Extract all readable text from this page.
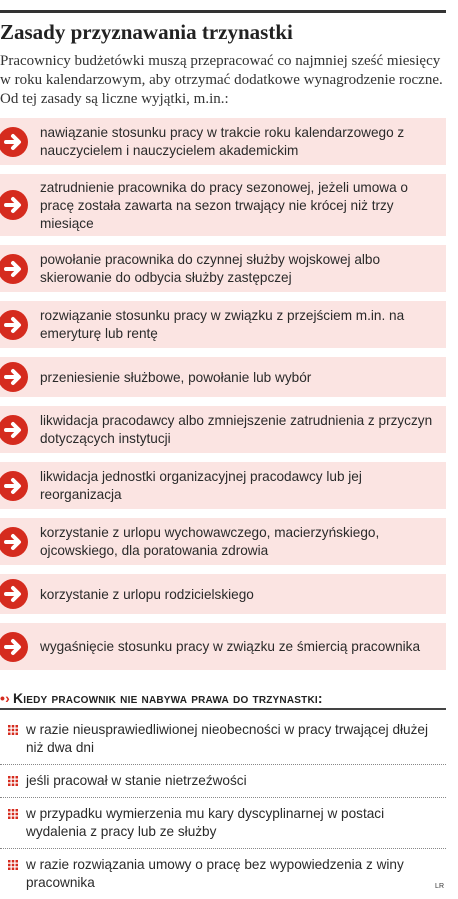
Zasady przyznawania trzynastki
Pracownicy budżetówki muszą przepracować co najmniej sześć miesięcy w roku kalendarzowym, aby otrzymać dodatkowe wynagrodzenie roczne. Od tej zasady są liczne wyjątki, m.in.:
nawiązanie stosunku pracy w trakcie roku kalendarzowego z nauczycielem i nauczycielem akademickim
zatrudnienie pracownika do pracy sezonowej, jeżeli umowa o pracę została zawarta na sezon trwający nie krócej niż trzy miesiące
powołanie pracownika do czynnej służby wojskowej albo skierowanie do odbycia służby zastępczej
rozwiązanie stosunku pracy w związku z przejściem m.in. na emeryturę lub rentę
przeniesienie służbowe, powołanie lub wybór
likwidacja pracodawcy albo zmniejszenie zatrudnienia z przyczyn dotyczących instytucji
likwidacja jednostki organizacyjnej pracodawcy lub jej reorganizacja
korzystanie z urlopu wychowawczego, macierzyńskiego, ojcowskiego, dla poratowania zdrowia
korzystanie z urlopu rodzicielskiego
wygaśnięcie stosunku pracy w związku ze śmiercią pracownika
•› Kiedy pracownik nie nabywa prawa do trzynastki:
w razie nieusprawiedliwionej nieobecności w pracy trwającej dłużej niż dwa dni
jeśli pracował w stanie nietrzeźwości
w przypadku wymierzenia mu kary dyscyplinarnej w postaci wydalenia z pracy lub ze służby
w razie rozwiązania umowy o pracę bez wypowiedzenia z winy pracownika	LR
